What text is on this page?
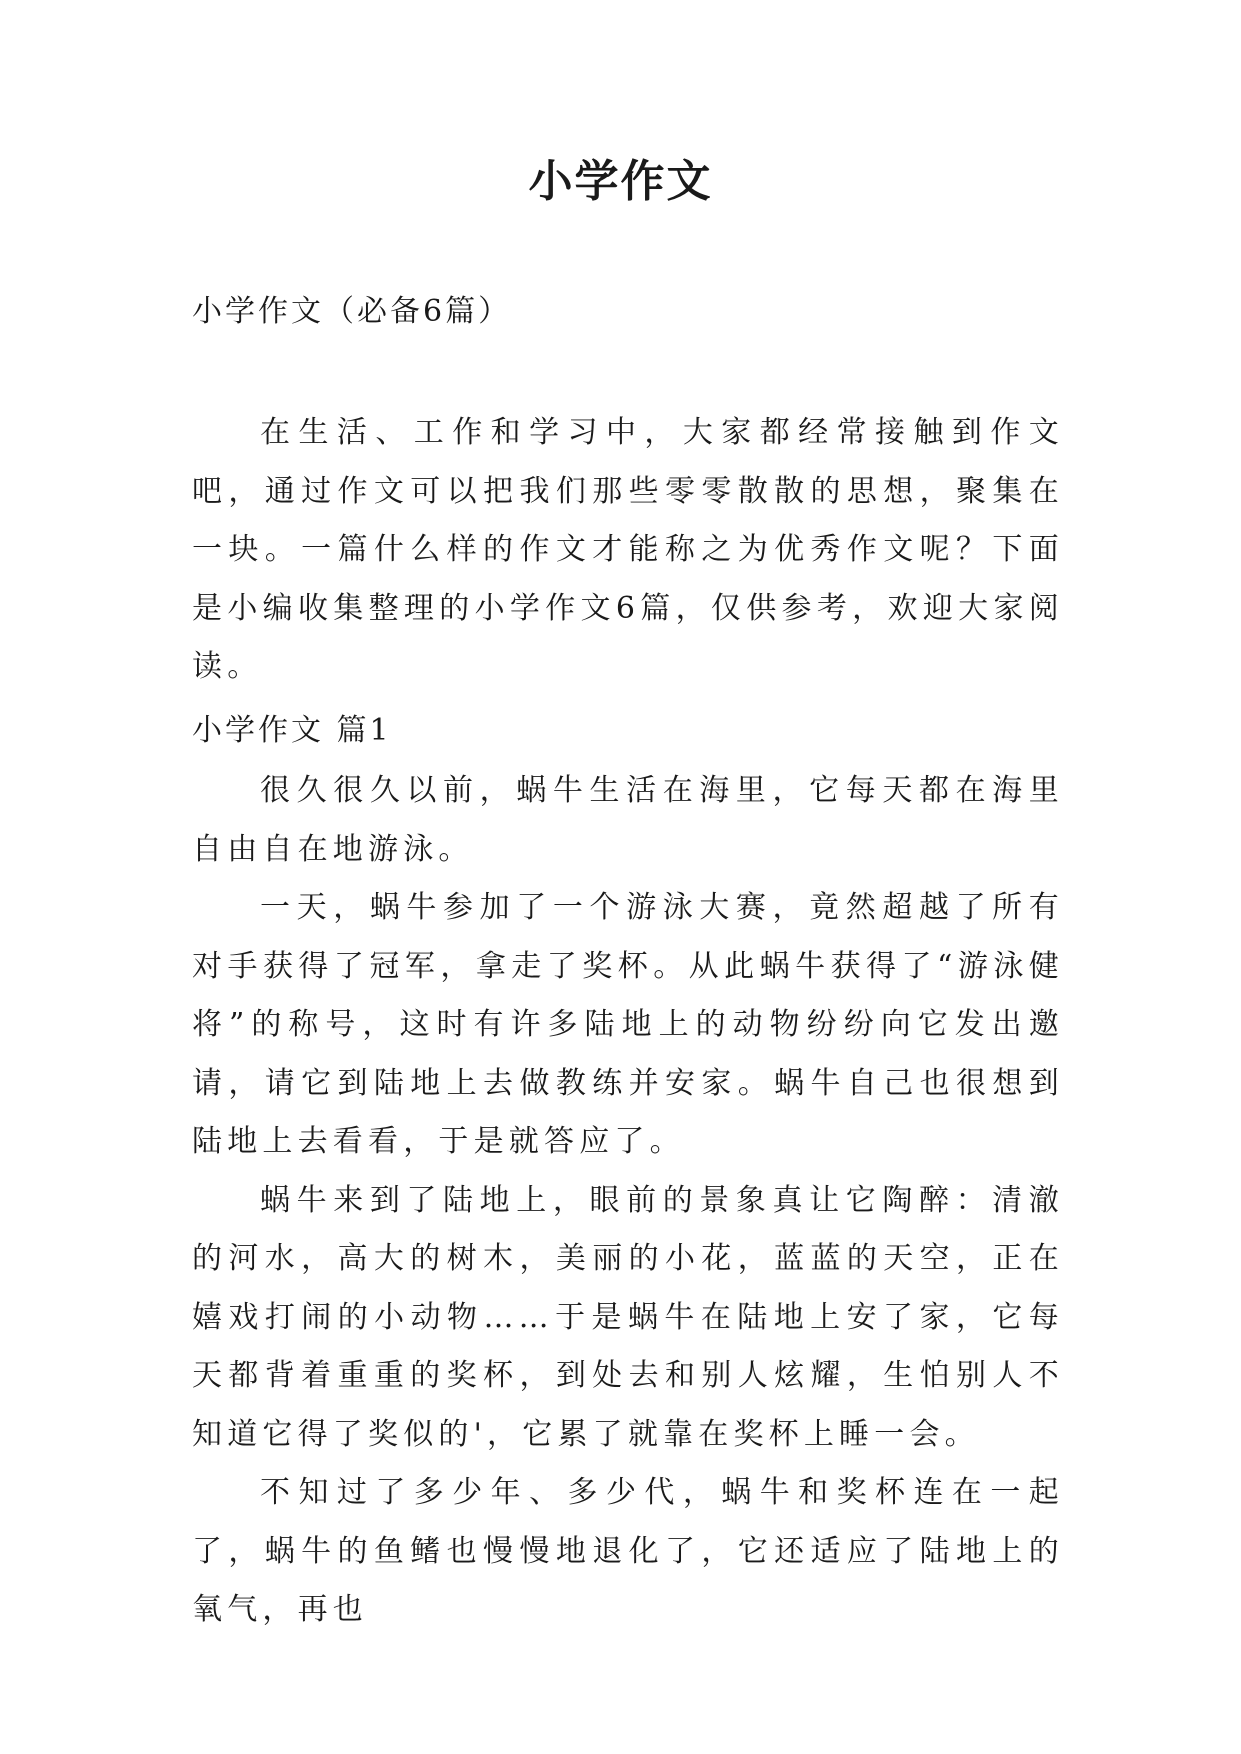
小学作文

小学作文（必备6篇）

在生活、工作和学习中，大家都经常接触到作文吧，通过作文可以把我们那些零零散散的思想，聚集在一块。一篇什么样的作文才能称之为优秀作文呢？下面是小编收集整理的小学作文6篇，仅供参考，欢迎大家阅读。

小学作文 篇1

很久很久以前，蜗牛生活在海里，它每天都在海里自由自在地游泳。

一天，蜗牛参加了一个游泳大赛，竟然超越了所有对手获得了冠军，拿走了奖杯。从此蜗牛获得了“游泳健将”的称号，这时有许多陆地上的动物纷纷向它发出邀请，请它到陆地上去做教练并安家。蜗牛自己也很想到陆地上去看看，于是就答应了。

蜗牛来到了陆地上，眼前的景象真让它陶醉：清澈的河水，高大的树木，美丽的小花，蓝蓝的天空，正在嬉戏打闹的小动物……于是蜗牛在陆地上安了家，它每天都背着重重的奖杯，到处去和别人炫耀，生怕别人不知道它得了奖似的'，它累了就靠在奖杯上睡一会。

不知过了多少年、多少代，蜗牛和奖杯连在一起了，蜗牛的鱼鳍也慢慢地退化了，它还适应了陆地上的氧气，再也
